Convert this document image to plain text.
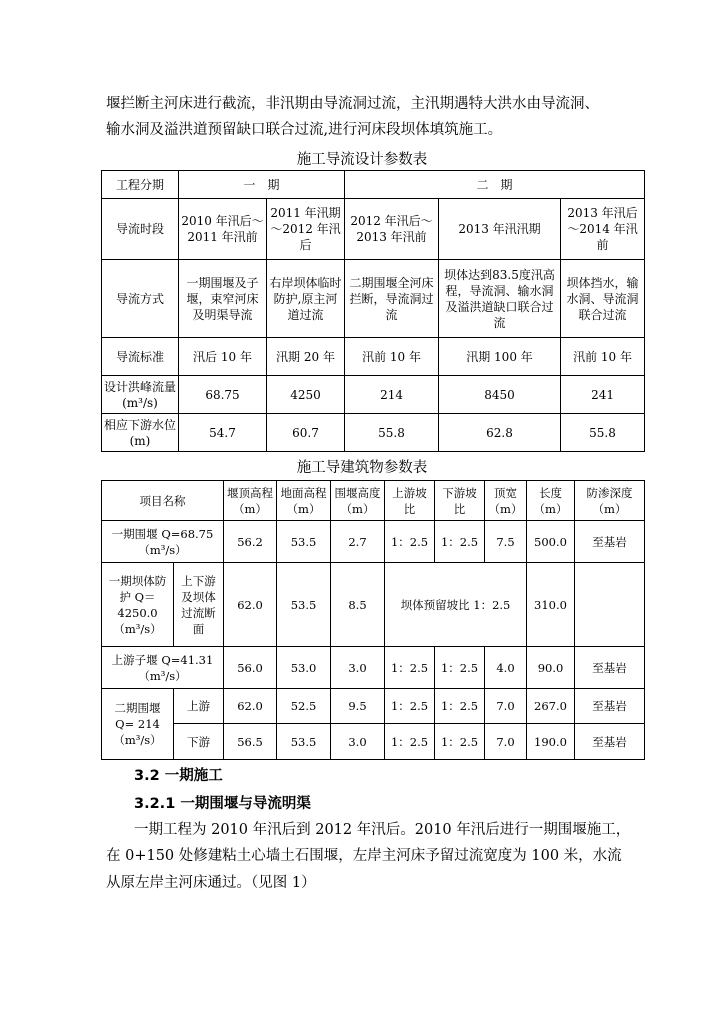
堰拦断主河床进行截流，非汛期由导流洞过流，主汛期遇特大洪水由导流洞、
输水洞及溢洪道预留缺口联合过流,进行河床段坝体填筑施工。
施工导流设计参数表
工程分期	一　期		二　期		
导流时段	2010 年汛后～2011 年汛前	2011 年汛期～2012 年汛后	2012 年汛后～2013 年汛前	2013 年汛汛期	2013 年汛后～2014 年汛前
导流方式	一期围堰及子堰，束窄河床及明渠导流	右岸坝体临时防护,原主河道过流	二期围堰全河床拦断，导流洞过流	坝体达到83.5度汛高程，导流洞、输水洞及溢洪道缺口联合过流	坝体挡水，输水洞、导流洞联合过流
导流标准	汛后 10 年	汛期 20 年	汛前 10 年	汛期 100 年	汛前 10 年
设计洪峰流量(m³/s)	68.75	4250	214	8450	241
相应下游水位(m)	54.7	60.7	55.8	62.8	55.8
施工导建筑物参数表
项目名称		堰顶高程（m）	地面高程（m）	围堰高度（m）	上游坡比	下游坡比	顶宽（m）	长度（m）	防渗深度（m）
一期围堰 Q=68.75（m³/s）		56.2	53.5	2.7	1：2.5	1：2.5	7.5	500.0	至基岩
一期坝体防护 Q＝4250.0（m³/s）	上下游及坝体过流断面	62.0	53.5	8.5	坝体预留坡比 1：2.5			310.0	
上游子堰 Q=41.31（m³/s）		56.0	53.0	3.0	1：2.5	1：2.5	4.0	90.0	至基岩
二期围堰 Q= 214（m³/s）	上游	62.0	52.5	9.5	1：2.5	1：2.5	7.0	267.0	至基岩
	下游	56.5	53.5	3.0	1：2.5	1：2.5	7.0	190.0	至基岩
3.2 一期施工
3.2.1 一期围堰与导流明渠
一期工程为 2010 年汛后到 2012 年汛后。2010 年汛后进行一期围堰施工，
在 0+150 处修建粘土心墙土石围堰，左岸主河床予留过流宽度为 100 米，水流
从原左岸主河床通过。（见图 1）
